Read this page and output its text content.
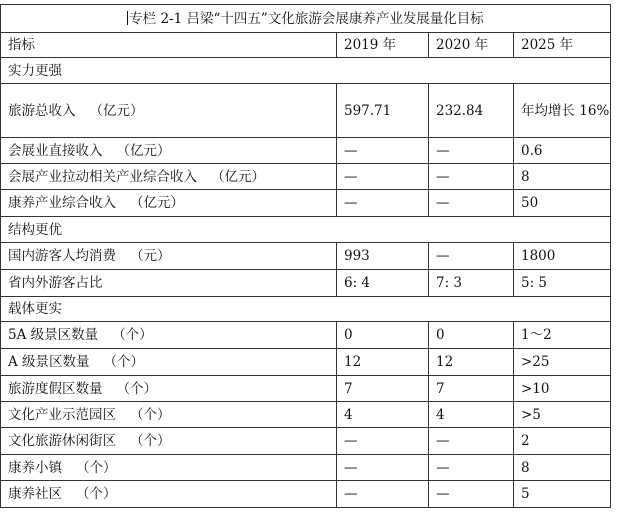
专栏 2-1 吕梁“十四五”文化旅游会展康养产业发展量化目标			
指标	2019 年	2020 年	2025 年
实力更强			
旅游总收入 （亿元）	597.71	232.84	年均增长 16%
会展业直接收入 （亿元）	—	—	0.6
会展产业拉动相关产业综合收入 （亿元）	—	—	8
康养产业综合收入 （亿元）	—	—	50
结构更优			
国内游客人均消费 （元）	993	—	1800
省内外游客占比	6: 4	7: 3	5: 5
载体更实			
5A 级景区数量 （个）	0	0	1～2
A 级景区数量 （个）	12	12	>25
旅游度假区数量 （个）	7	7	>10
文化产业示范园区 （个）	4	4	>5
文化旅游休闲街区 （个）	—	—	2
康养小镇 （个）	—	—	8
康养社区 （个）	—	—	5
